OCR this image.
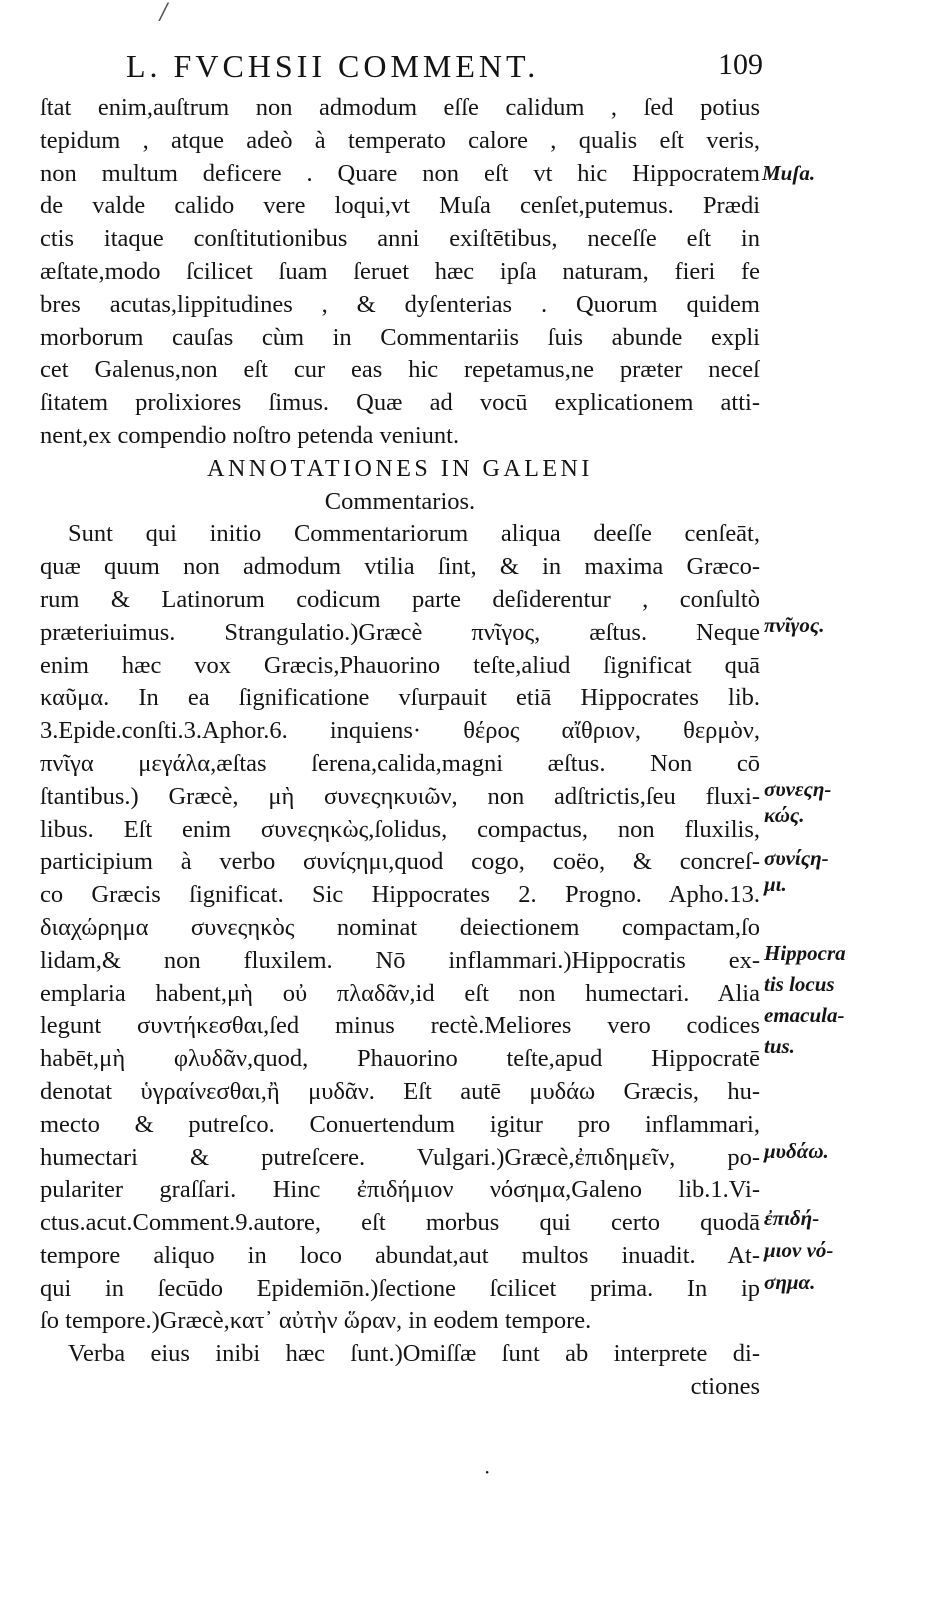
/
L. FVCHSII COMMENT.	109
ſtat enim,auſtrum non admodum eſſe calidum , ſed potius
tepidum , atque adeò à temperato calore , qualis eſt veris,
non multum deficere . Quare non eſt vt hic Hippocratem
de valde calido vere loqui,vt Muſa cenſet,putemus. Prædi
ctis itaque conſtitutionibus anni exiſtētibus, neceſſe eſt in
æſtate,modo ſcilicet ſuam ſeruet hæc ipſa naturam, fieri fe
bres acutas,lippitudines , & dyſenterias . Quorum quidem
morborum cauſas cùm in Commentariis ſuis abunde expli
cet Galenus,non eſt cur eas hic repetamus,ne præter neceſ
ſitatem prolixiores ſimus. Quæ ad vocū explicationem atti-
nent,ex compendio noſtro petenda veniunt.
ANNOTATIONES IN GALENI
Commentarios.
Sunt qui initio Commentariorum aliqua deeſſe cenſeāt,
quæ quum non admodum vtilia ſint, & in maxima Græco-
rum & Latinorum codicum parte deſiderentur , conſultò
præteriuimus. Strangulatio.)Græcè πνῖγος, æſtus. Neque
enim hæc vox Græcis,Phauorino teſte,aliud ſignificat quā
καῦμα. In ea ſignificatione vſurpauit etiā Hippocrates lib.
3.Epide.conſti.3.Aphor.6. inquiens· θέρος αἴθριον, θερμὸν,
πνῖγα μεγάλα,æſtas ſerena,calida,magni æſtus. Non cō
ſtantibus.) Græcè, μὴ συνεςηκυιῶν, non adſtrictis,ſeu fluxi-
libus. Eſt enim συνεςηκὼς,ſolidus, compactus, non fluxilis,
participium à verbo συνίςημι,quod cogo, coëo, & concreſ-
co Græcis ſignificat. Sic Hippocrates 2. Progno. Apho.13.
διαχώρημα συνεςηκὸς nominat deiectionem compactam,ſo
lidam,& non fluxilem. Nō inflammari.)Hippocratis ex-
emplaria habent,μὴ οὐ πλαδᾶν,id eſt non humectari. Alia
legunt συντήκεσθαι,ſed minus rectè.Meliores vero codices
habēt,μὴ φλυδᾶν,quod, Phauorino teſte,apud Hippocratē
denotat ὑγραίνεσθαι,ἢ μυδᾶν. Eſt autē μυδάω Græcis, hu-
mecto & putreſco. Conuertendum igitur pro inflammari,
humectari & putreſcere. Vulgari.)Græcè,ἐπιδημεῖν, po-
pulariter graſſari. Hinc ἐπιδήμιον νόσημα,Galeno lib.1.Vi-
ctus.acut.Comment.9.autore, eſt morbus qui certo quodā
tempore aliquo in loco abundat,aut multos inuadit. At-
qui in ſecūdo Epidemiōn.)ſectione ſcilicet prima. In ip
ſo tempore.)Græcè,κατ᾽ αὐτὴν ὥραν, in eodem tempore.
Verba eius inibi hæc ſunt.)Omiſſæ ſunt ab interprete di-
ctiones
Muſa.
πνῖγος.
συνεςη-
κώς.
συνίςη-
μι.
Hippocra
tis locus
emacula-
tus.
μυδάω.
ἐπιδή-
μιον νό-
σημα.
·
